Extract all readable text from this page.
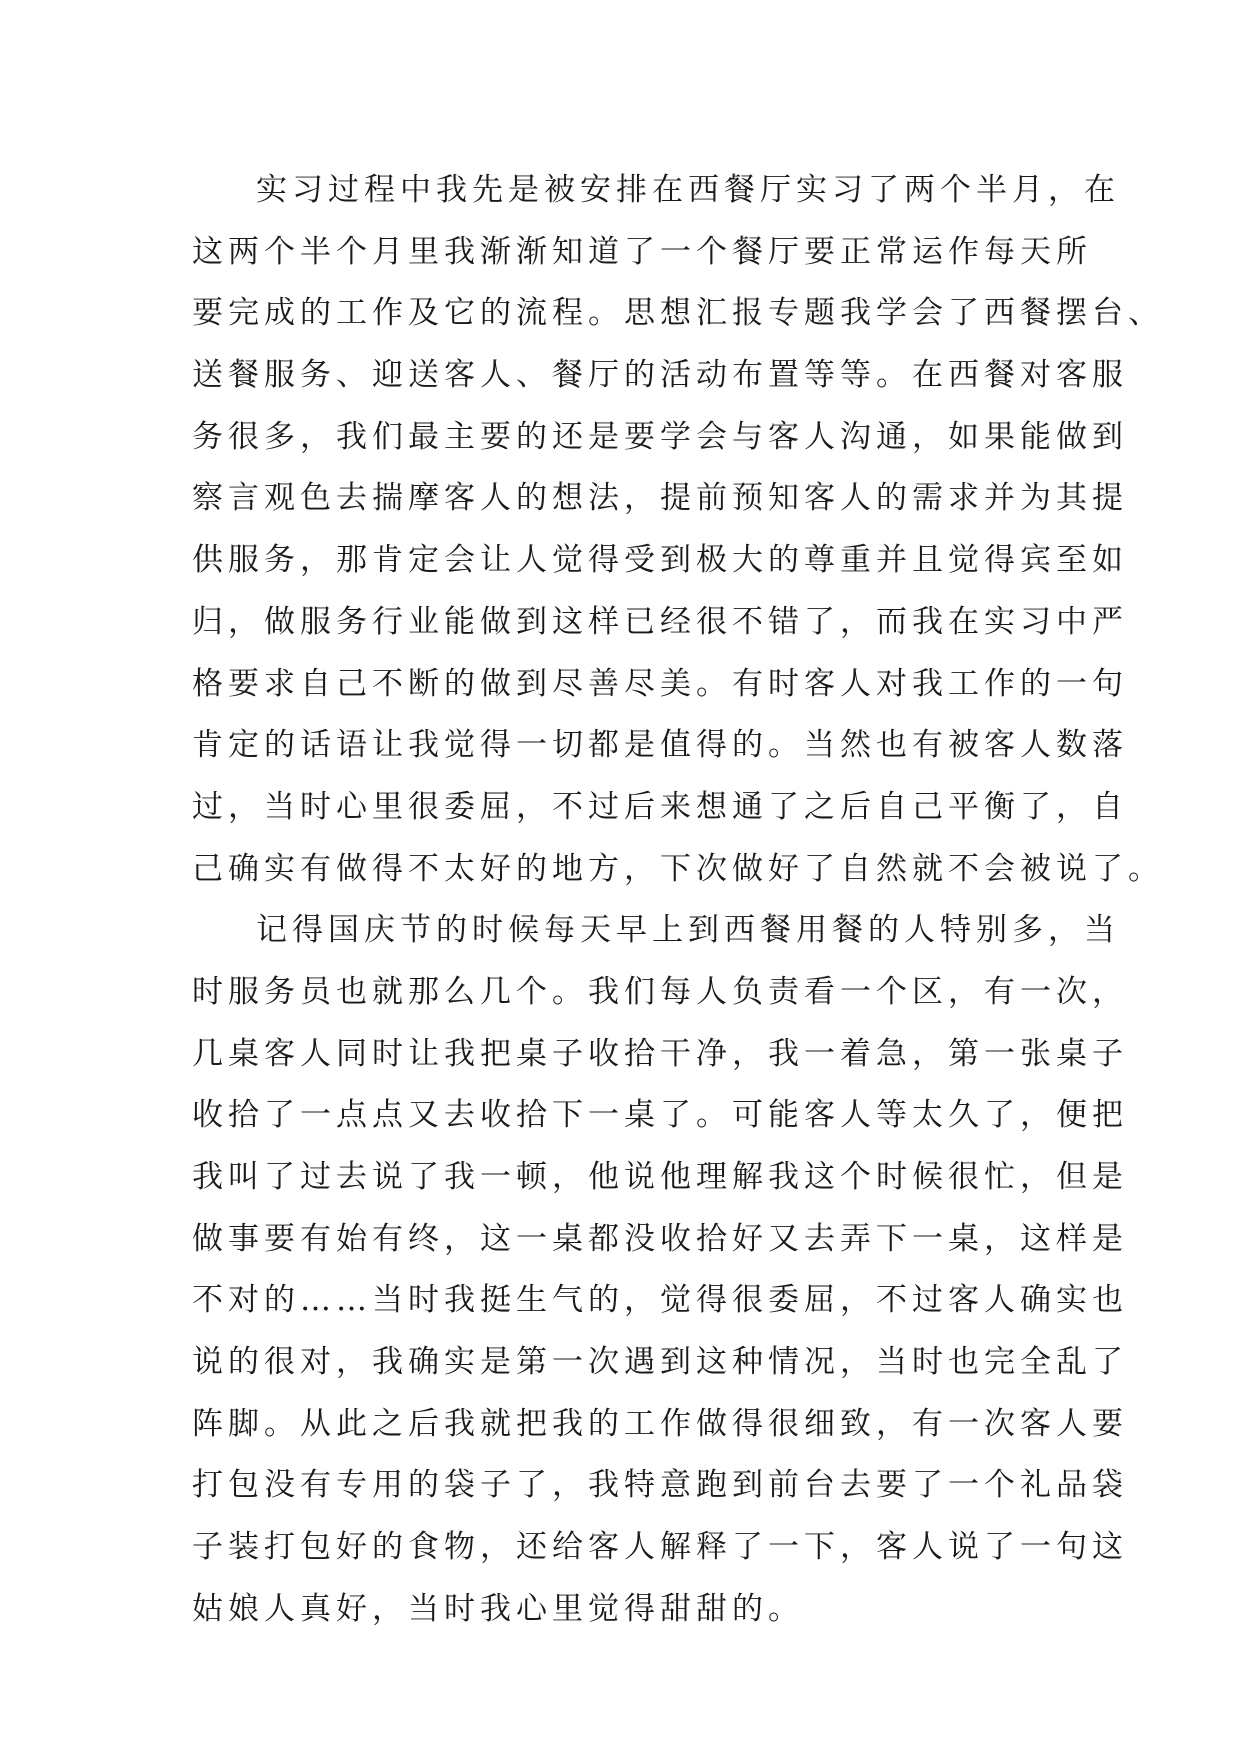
实习过程中我先是被安排在西餐厅实习了两个半月，在
这两个半个月里我渐渐知道了一个餐厅要正常运作每天所
要完成的工作及它的流程。思想汇报专题我学会了西餐摆台、
送餐服务、迎送客人、餐厅的活动布置等等。在西餐对客服
务很多，我们最主要的还是要学会与客人沟通，如果能做到
察言观色去揣摩客人的想法，提前预知客人的需求并为其提
供服务，那肯定会让人觉得受到极大的尊重并且觉得宾至如
归，做服务行业能做到这样已经很不错了，而我在实习中严
格要求自己不断的做到尽善尽美。有时客人对我工作的一句
肯定的话语让我觉得一切都是值得的。当然也有被客人数落
过，当时心里很委屈，不过后来想通了之后自己平衡了，自
己确实有做得不太好的地方，下次做好了自然就不会被说了。
记得国庆节的时候每天早上到西餐用餐的人特别多，当
时服务员也就那么几个。我们每人负责看一个区，有一次，
几桌客人同时让我把桌子收拾干净，我一着急，第一张桌子
收拾了一点点又去收拾下一桌了。可能客人等太久了，便把
我叫了过去说了我一顿，他说他理解我这个时候很忙，但是
做事要有始有终，这一桌都没收拾好又去弄下一桌，这样是
不对的……当时我挺生气的，觉得很委屈，不过客人确实也
说的很对，我确实是第一次遇到这种情况，当时也完全乱了
阵脚。从此之后我就把我的工作做得很细致，有一次客人要
打包没有专用的袋子了，我特意跑到前台去要了一个礼品袋
子装打包好的食物，还给客人解释了一下，客人说了一句这
姑娘人真好，当时我心里觉得甜甜的。
